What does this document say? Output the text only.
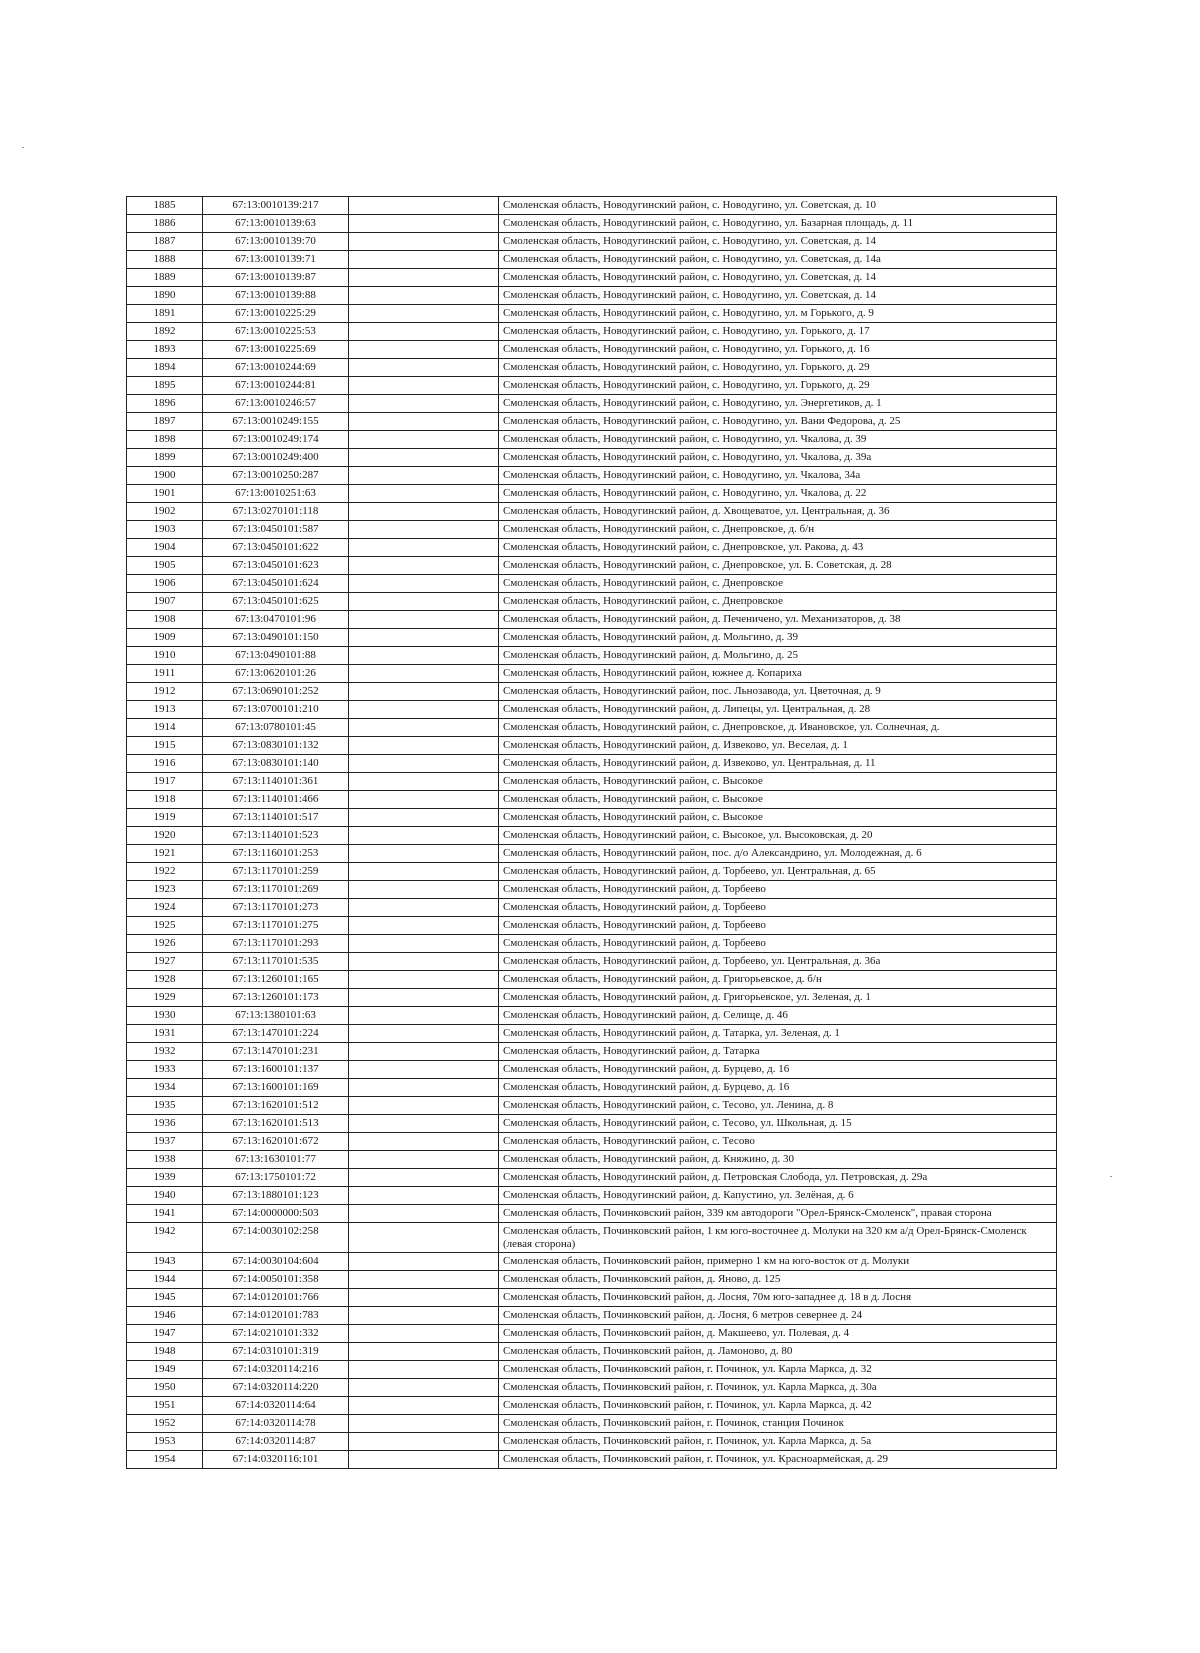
1885	67:13:0010139:217		Смоленская область, Новодугинский район, с. Новодугино, ул. Советская, д. 10
1886	67:13:0010139:63		Смоленская область, Новодугинский район, с. Новодугино, ул. Базарная площадь, д. 11
1887	67:13:0010139:70		Смоленская область, Новодугинский район, с. Новодугино, ул. Советская, д. 14
1888	67:13:0010139:71		Смоленская область, Новодугинский район, с. Новодугино, ул. Советская, д. 14а
1889	67:13:0010139:87		Смоленская область, Новодугинский район, с. Новодугино, ул. Советская, д. 14
1890	67:13:0010139:88		Смоленская область, Новодугинский район, с. Новодугино, ул. Советская, д. 14
1891	67:13:0010225:29		Смоленская область, Новодугинский район, с. Новодугино, ул. м Горького, д. 9
1892	67:13:0010225:53		Смоленская область, Новодугинский район, с. Новодугино, ул. Горького, д. 17
1893	67:13:0010225:69		Смоленская область, Новодугинский район, с. Новодугино, ул. Горького, д. 16
1894	67:13:0010244:69		Смоленская область, Новодугинский район, с. Новодугино, ул. Горького, д. 29
1895	67:13:0010244:81		Смоленская область, Новодугинский район, с. Новодугино, ул. Горького, д. 29
1896	67:13:0010246:57		Смоленская область, Новодугинский район, с. Новодугино, ул. Энергетиков, д. 1
1897	67:13:0010249:155		Смоленская область, Новодугинский район, с. Новодугино, ул. Вани Федорова, д. 25
1898	67:13:0010249:174		Смоленская область, Новодугинский район, с. Новодугино, ул. Чкалова, д. 39
1899	67:13:0010249:400		Смоленская область, Новодугинский район, с. Новодугино, ул. Чкалова, д. 39а
1900	67:13:0010250:287		Смоленская область, Новодугинский район, с. Новодугино, ул. Чкалова, 34а
1901	67:13:0010251:63		Смоленская область, Новодугинский район, с. Новодугино, ул. Чкалова, д. 22
1902	67:13:0270101:118		Смоленская область, Новодугинский район, д. Хвощеватое, ул. Центральная, д. 36
1903	67:13:0450101:587		Смоленская область, Новодугинский район, с. Днепровское, д. б/н
1904	67:13:0450101:622		Смоленская область, Новодугинский район, с. Днепровское, ул. Ракова, д. 43
1905	67:13:0450101:623		Смоленская область, Новодугинский район, с. Днепровское, ул. Б. Советская, д. 28
1906	67:13:0450101:624		Смоленская область, Новодугинский район, с. Днепровское
1907	67:13:0450101:625		Смоленская область, Новодугинский район, с. Днепровское
1908	67:13:0470101:96		Смоленская область, Новодугинский район, д. Печеничено, ул. Механизаторов, д. 38
1909	67:13:0490101:150		Смоленская область, Новодугинский район, д. Мольгино, д. 39
1910	67:13:0490101:88		Смоленская область, Новодугинский район, д. Мольгино, д. 25
1911	67:13:0620101:26		Смоленская область, Новодугинский район, южнее д. Копариха
1912	67:13:0690101:252		Смоленская область, Новодугинский район, пос. Льнозавода, ул. Цветочная, д. 9
1913	67:13:0700101:210		Смоленская область, Новодугинский район, д. Липецы, ул. Центральная, д. 28
1914	67:13:0780101:45		Смоленская область, Новодугинский район, с. Днепровское, д. Ивановское, ул. Солнечная, д.
1915	67:13:0830101:132		Смоленская область, Новодугинский район, д. Извеково, ул. Веселая, д. 1
1916	67:13:0830101:140		Смоленская область, Новодугинский район, д. Извеково, ул. Центральная, д. 11
1917	67:13:1140101:361		Смоленская область, Новодугинский район, с. Высокое
1918	67:13:1140101:466		Смоленская область, Новодугинский район, с. Высокое
1919	67:13:1140101:517		Смоленская область, Новодугинский район, с. Высокое
1920	67:13:1140101:523		Смоленская область, Новодугинский район, с. Высокое, ул. Высоковская, д. 20
1921	67:13:1160101:253		Смоленская область, Новодугинский район, пос. д/о Александрино, ул. Молодежная, д. 6
1922	67:13:1170101:259		Смоленская область, Новодугинский район, д. Торбеево, ул. Центральная, д. 65
1923	67:13:1170101:269		Смоленская область, Новодугинский район, д. Торбеево
1924	67:13:1170101:273		Смоленская область, Новодугинский район, д. Торбеево
1925	67:13:1170101:275		Смоленская область, Новодугинский район, д. Торбеево
1926	67:13:1170101:293		Смоленская область, Новодугинский район, д. Торбеево
1927	67:13:1170101:535		Смоленская область, Новодугинский район, д. Торбеево, ул. Центральная, д. 36а
1928	67:13:1260101:165		Смоленская область, Новодугинский район, д. Григорьевское, д. б/н
1929	67:13:1260101:173		Смоленская область, Новодугинский район, д. Григорьевское, ул. Зеленая, д. 1
1930	67:13:1380101:63		Смоленская область, Новодугинский район, д. Селище, д. 46
1931	67:13:1470101:224		Смоленская область, Новодугинский район, д. Татарка, ул. Зеленая, д. 1
1932	67:13:1470101:231		Смоленская область, Новодугинский район, д. Татарка
1933	67:13:1600101:137		Смоленская область, Новодугинский район, д. Бурцево, д. 16
1934	67:13:1600101:169		Смоленская область, Новодугинский район, д. Бурцево, д. 16
1935	67:13:1620101:512		Смоленская область, Новодугинский район, с. Тесово, ул. Ленина, д. 8
1936	67:13:1620101:513		Смоленская область, Новодугинский район, с. Тесово, ул. Школьная, д. 15
1937	67:13:1620101:672		Смоленская область, Новодугинский район, с. Тесово
1938	67:13:1630101:77		Смоленская область, Новодугинский район, д. Княжино, д. 30
1939	67:13:1750101:72		Смоленская область, Новодугинский район, д. Петровская Слобода, ул. Петровская, д. 29а
1940	67:13:1880101:123		Смоленская область, Новодугинский район, д. Капустино, ул. Зелёная, д. 6
1941	67:14:0000000:503		Смоленская область, Починковский район, 339 км автодороги "Орел-Брянск-Смоленск", правая сторона
1942	67:14:0030102:258		Смоленская область, Починковский район, 1 км юго-восточнее д. Молуки на 320 км а/д Орел-Брянск-Смоленск (левая сторона)
1943	67:14:0030104:604		Смоленская область, Починковский район, примерно 1 км на юго-восток от д. Молуки
1944	67:14:0050101:358		Смоленская область, Починковский район, д. Яново, д. 125
1945	67:14:0120101:766		Смоленская область, Починковский район, д. Лосня, 70м юго-западнее д. 18 в д. Лосня
1946	67:14:0120101:783		Смоленская область, Починковский район, д. Лосня, 6 метров севернее д. 24
1947	67:14:0210101:332		Смоленская область, Починковский район, д. Макшеево, ул. Полевая, д. 4
1948	67:14:0310101:319		Смоленская область, Починковский район, д. Ламоново, д. 80
1949	67:14:0320114:216		Смоленская область, Починковский район, г. Починок, ул. Карла Маркса, д. 32
1950	67:14:0320114:220		Смоленская область, Починковский район, г. Починок, ул. Карла Маркса, д. 30а
1951	67:14:0320114:64		Смоленская область, Починковский район, г. Починок, ул. Карла Маркса, д. 42
1952	67:14:0320114:78		Смоленская область, Починковский район, г. Починок, станция Починок
1953	67:14:0320114:87		Смоленская область, Починковский район, г. Починок, ул. Карла Маркса, д. 5а
1954	67:14:0320116:101		Смоленская область, Починковский район, г. Починок, ул. Красноармейская, д. 29
